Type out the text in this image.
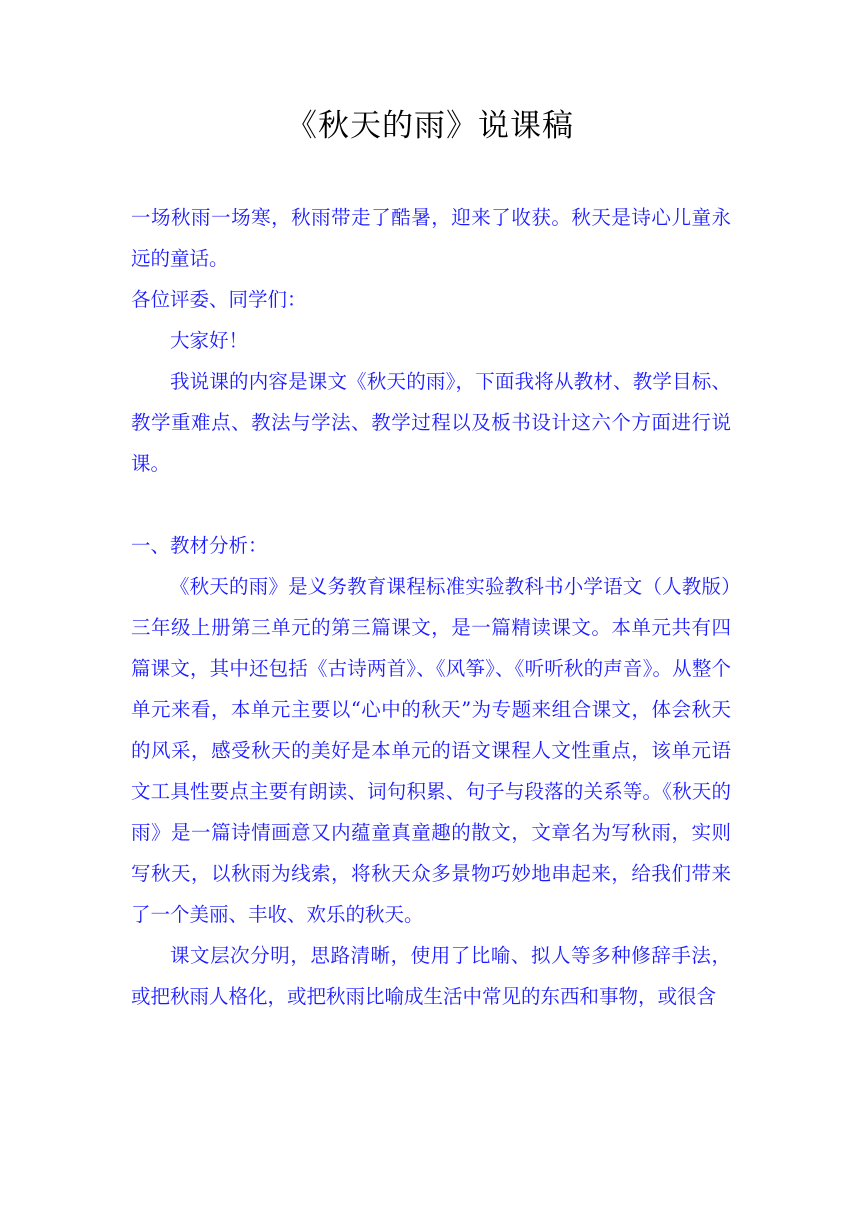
《秋天的雨》说课稿

一场秋雨一场寒，秋雨带走了酷暑，迎来了收获。秋天是诗心儿童永远的童话。

各位评委、同学们：

大家好！

我说课的内容是课文《秋天的雨》，下面我将从教材、教学目标、教学重难点、教法与学法、教学过程以及板书设计这六个方面进行说课。

一、教材分析：

《秋天的雨》是义务教育课程标准实验教科书小学语文（人教版）三年级上册第三单元的第三篇课文，是一篇精读课文。本单元共有四篇课文，其中还包括《古诗两首》、《风筝》、《听听秋的声音》。从整个单元来看，本单元主要以“心中的秋天”为专题来组合课文，体会秋天的风采，感受秋天的美好是本单元的语文课程人文性重点，该单元语文工具性要点主要有朗读、词句积累、句子与段落的关系等。《秋天的雨》是一篇诗情画意又内蕴童真童趣的散文，文章名为写秋雨，实则写秋天，以秋雨为线索，将秋天众多景物巧妙地串起来，给我们带来了一个美丽、丰收、欢乐的秋天。

课文层次分明，思路清晰，使用了比喻、拟人等多种修辞手法，或把秋雨人格化，或把秋雨比喻成生活中常见的东西和事物，或很含
